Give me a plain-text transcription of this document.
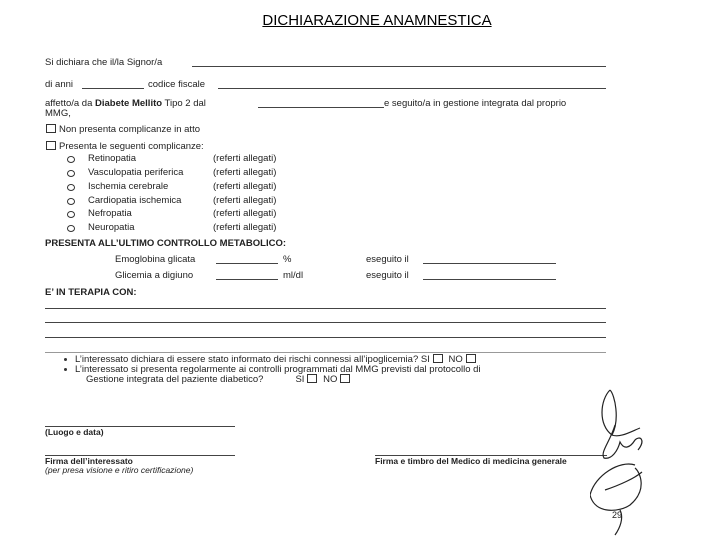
DICHIARAZIONE ANAMNESTICA
Si dichiara che il/la Signor/a
di anni	codice fiscale
affetto/a da Diabete Mellito Tipo 2 dal	e seguito/a in gestione integrata dal proprio
MMG,
Non presenta complicanze in atto
Presenta le seguenti complicanze:
Retinopatia	(referti allegati)
Vasculopatia periferica	(referti allegati)
Ischemia cerebrale	(referti allegati)
Cardiopatia ischemica	(referti allegati)
Nefropatia	(referti allegati)
Neuropatia	(referti allegati)
PRESENTA ALL’ULTIMO CONTROLLO METABOLICO:
Emoglobina glicata	%	eseguito il
Glicemia a digiuno	ml/dl	eseguito il
E’ IN TERAPIA CON:
L’interessato dichiara di essere stato informato dei rischi connessi all’ipoglicemia? SI NO
L’interessato si presenta regolarmente ai controlli programmati dal MMG previsti dal protocollo di
Gestione integrata del paziente diabetico?	SI NO
(Luogo e data)
Firma dell’interessato
(per presa visione e ritiro certificazione)
Firma e timbro del Medico di medicina generale
29
